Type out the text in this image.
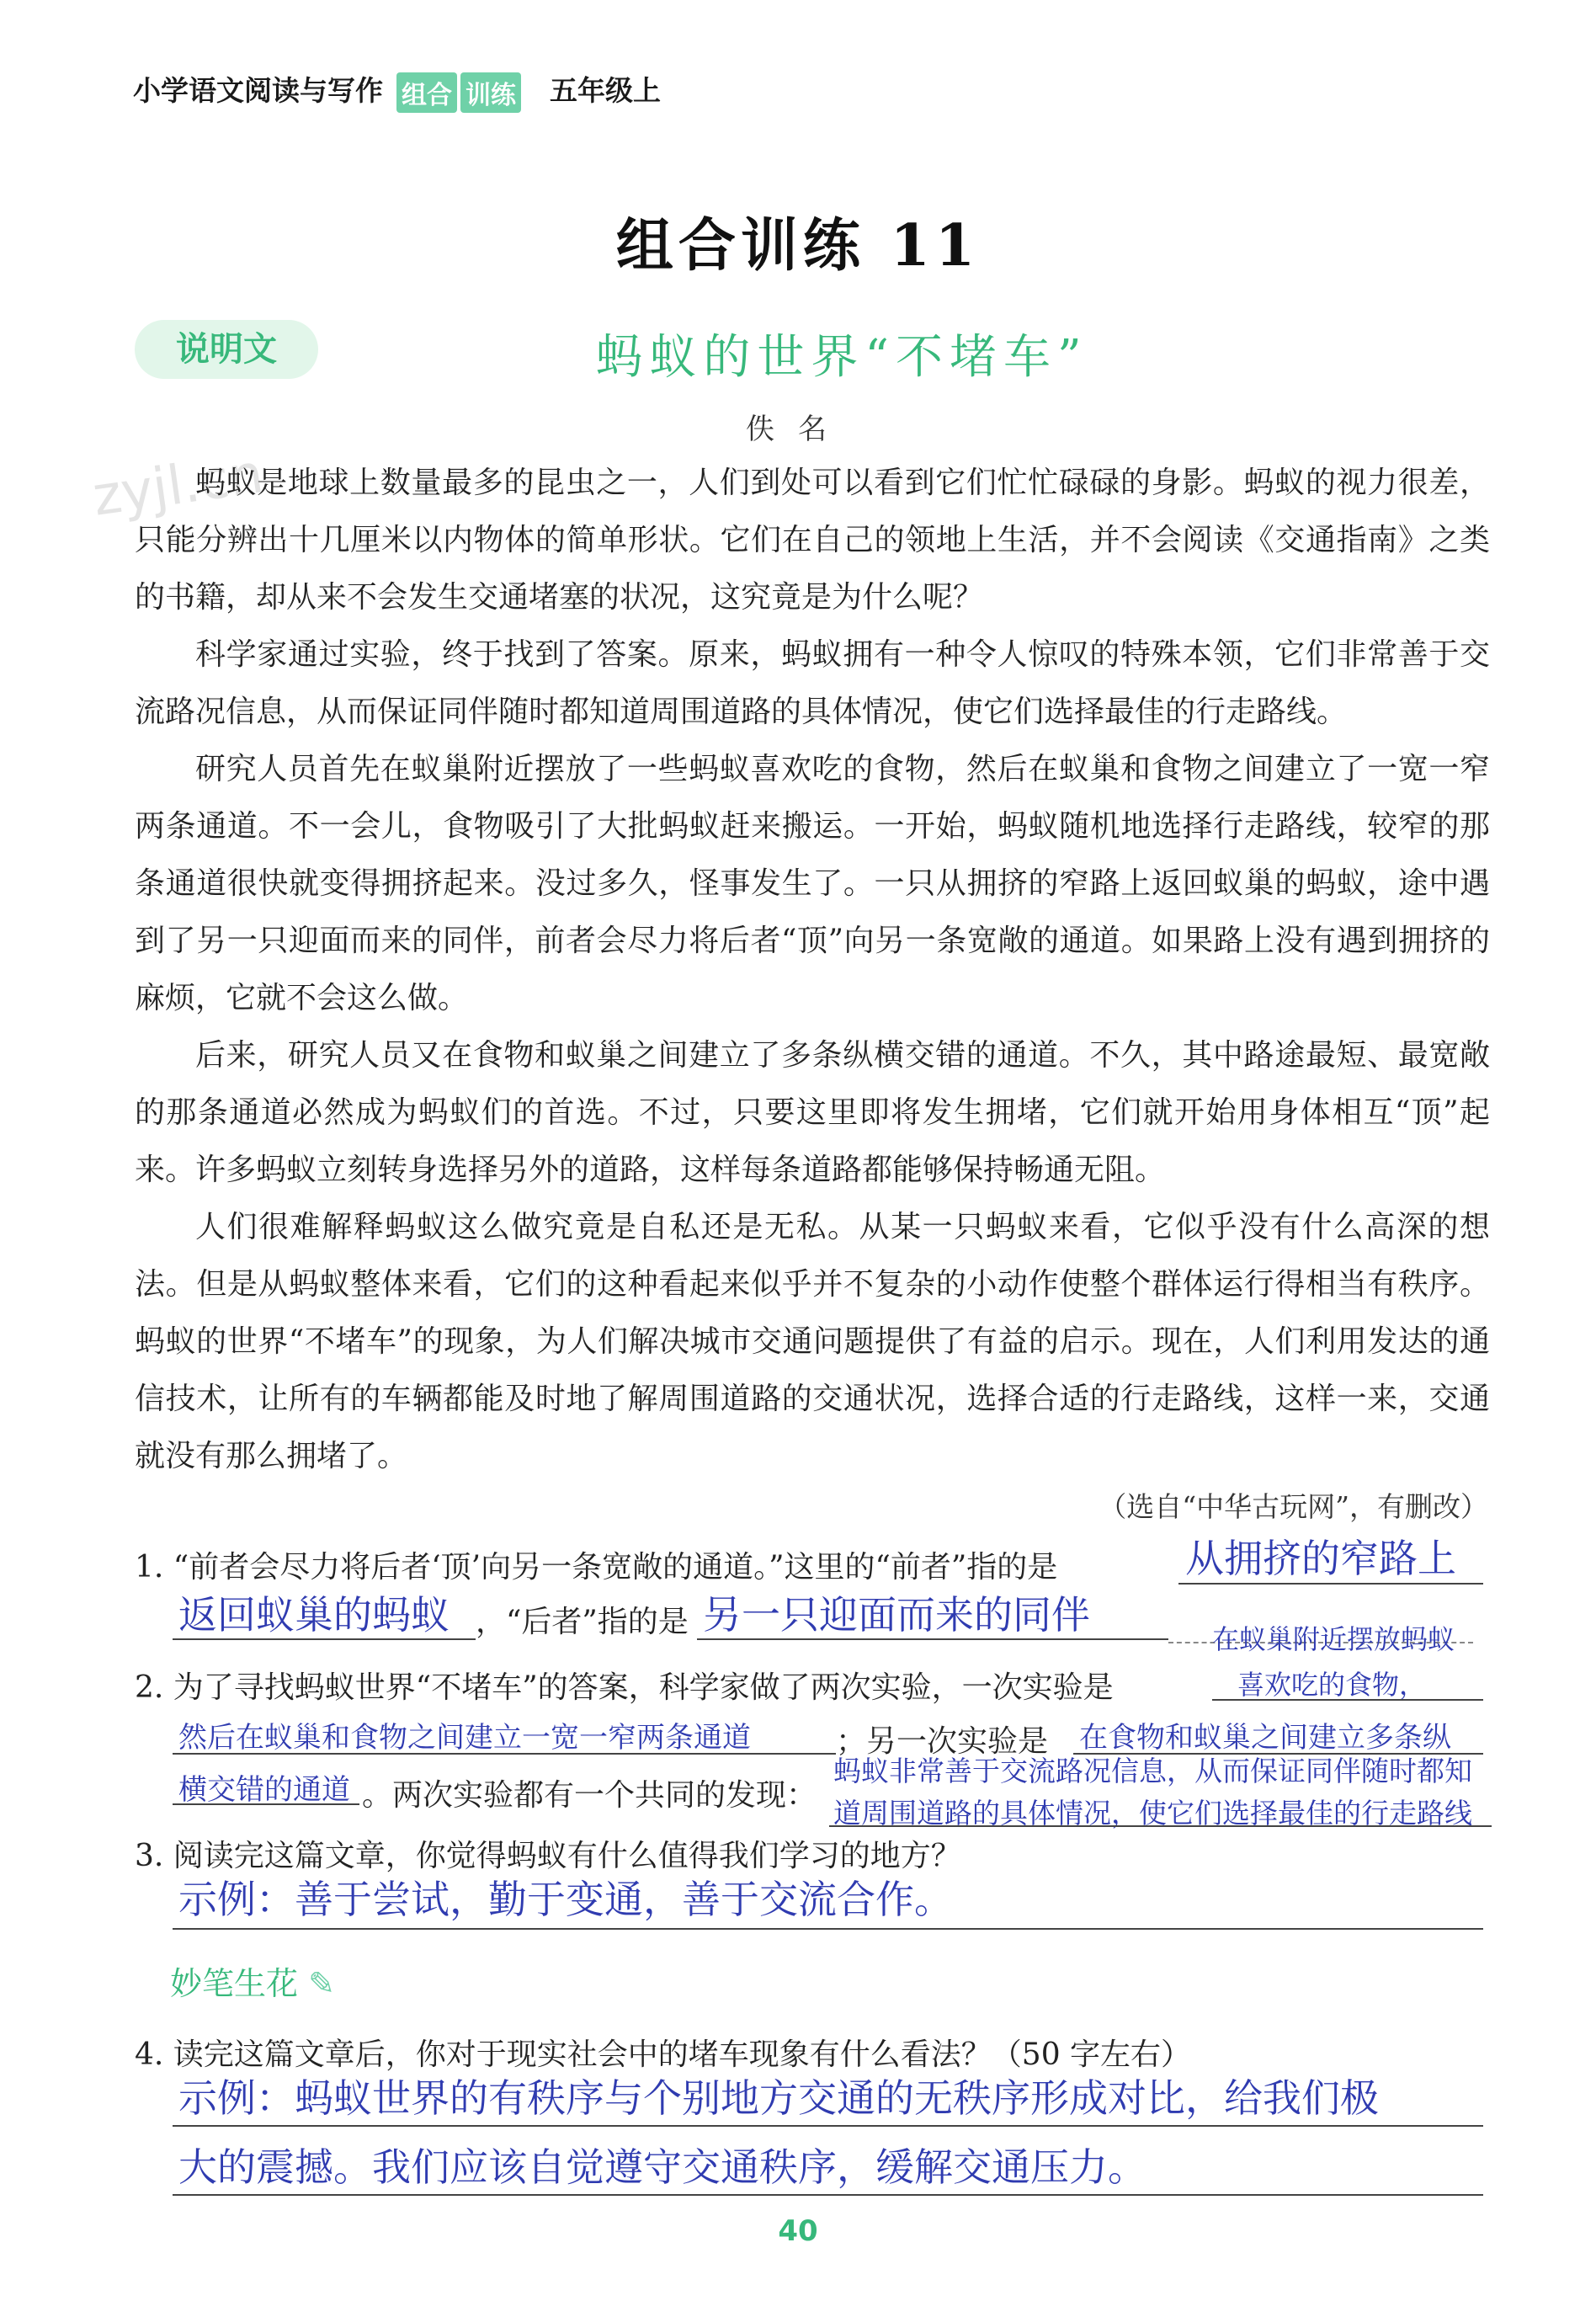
zyjl.cn
小学语文阅读与写作 组合 训练 五年级上
组合训练 11
说明文	蚂蚁的世界“不堵车”
佚名

蚂蚁是地球上数量最多的昆虫之一，人们到处可以看到它们忙忙碌碌的身影。蚂蚁的视力很差，只能分辨出十几厘米以内物体的简单形状。它们在自己的领地上生活，并不会阅读《交通指南》之类的书籍，却从来不会发生交通堵塞的状况，这究竟是为什么呢？

科学家通过实验，终于找到了答案。原来，蚂蚁拥有一种令人惊叹的特殊本领，它们非常善于交流路况信息，从而保证同伴随时都知道周围道路的具体情况，使它们选择最佳的行走路线。

研究人员首先在蚁巢附近摆放了一些蚂蚁喜欢吃的食物，然后在蚁巢和食物之间建立了一宽一窄两条通道。不一会儿，食物吸引了大批蚂蚁赶来搬运。一开始，蚂蚁随机地选择行走路线，较窄的那条通道很快就变得拥挤起来。没过多久，怪事发生了。一只从拥挤的窄路上返回蚁巢的蚂蚁，途中遇到了另一只迎面而来的同伴，前者会尽力将后者“顶”向另一条宽敞的通道。如果路上没有遇到拥挤的麻烦，它就不会这么做。

后来，研究人员又在食物和蚁巢之间建立了多条纵横交错的通道。不久，其中路途最短、最宽敞的那条通道必然成为蚂蚁们的首选。不过，只要这里即将发生拥堵，它们就开始用身体相互“顶”起来。许多蚂蚁立刻转身选择另外的道路，这样每条道路都能够保持畅通无阻。

人们很难解释蚂蚁这么做究竟是自私还是无私。从某一只蚂蚁来看，它似乎没有什么高深的想法。但是从蚂蚁整体来看，它们的这种看起来似乎并不复杂的小动作使整个群体运行得相当有秩序。蚂蚁的世界“不堵车”的现象，为人们解决城市交通问题提供了有益的启示。现在，人们利用发达的通信技术，让所有的车辆都能及时地了解周围道路的交通状况，选择合适的行走路线，这样一来，交通就没有那么拥堵了。

（选自“中华古玩网”，有删改）
1. “前者会尽力将后者‘顶’向另一条宽敞的通道。”这里的“前者”指的是	从拥挤的窄路上
返回蚁巢的蚂蚁 ，“后者”指的是 另一只迎面而来的同伴
在蚁巢附近摆放蚂蚁
2. 为了寻找蚂蚁世界“不堵车”的答案，科学家做了两次实验，一次实验是	喜欢吃的食物，
然后在蚁巢和食物之间建立一宽一窄两条通道	；另一次实验是 在食物和蚁巢之间建立多条纵
横交错的通道 。两次实验都有一个共同的发现：
蚂蚁非常善于交流路况信息，从而保证同伴随时都知
道周围道路的具体情况，使它们选择最佳的行走路线
3. 阅读完这篇文章，你觉得蚂蚁有什么值得我们学习的地方？
示例：善于尝试，勤于变通，善于交流合作。
妙笔生花 ✎
4. 读完这篇文章后，你对于现实社会中的堵车现象有什么看法？（50 字左右）
示例：蚂蚁世界的有秩序与个别地方交通的无秩序形成对比，给我们极
大的震撼。我们应该自觉遵守交通秩序，缓解交通压力。
40
